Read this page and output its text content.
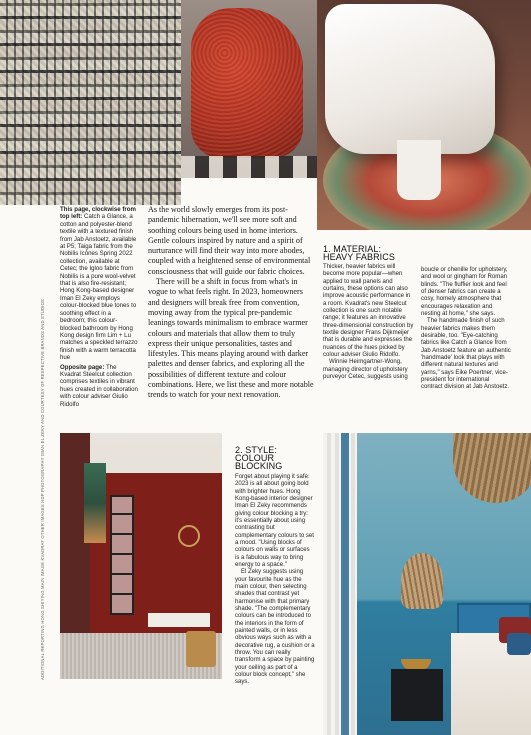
ADDITIONAL REPORTING HONG SHIYING MAIN IMAGE KVADRAT OTHER IMAGES HDP PHOTOGRAPHY IMAN EL ZEKY AND COURTESY OF RESPECTIVE BRANDS AND STUDIOS

This page, clockwise from top left: Catch a Glance, a cotton and polyester-blend textile with a textured finish from Jab Anstoetz, available at P5; Taiga fabric from the Nobilis Icônes Spring 2022 collection, available at Cetec; the Igloo fabric from Nobilis is a pure wool-velvet that is also fire-resistant; Hong Kong-based designer Iman El Zeky employs colour-blocked blue tones to soothing effect in a bedroom; this colour-blocked bathroom by Hong Kong design firm Lim + Lu matches a speckled terrazzo finish with a warm terracotta hue

Opposite page: The Kvadrat Steelcut collection comprises textiles in vibrant hues created in collaboration with colour adviser Giulio Ridolfo

As the world slowly emerges from its post-pandemic hibernation, we'll see more soft and soothing colours being used in home interiors. Gentle colours inspired by nature and a spirit of nurturance will find their way into more abodes, coupled with a heightened sense of environmental consciousness that will guide our fabric choices.

There will be a shift in focus from what's in vogue to what feels right. In 2023, homeowners and designers will break free from convention, moving away from the typical pre-pandemic leanings towards minimalism to embrace warmer colours and materials that allow them to truly express their unique personalities, tastes and lifestyles. This means playing around with darker palettes and denser fabrics, and exploring all the possibilities of different texture and colour combinations. Here, we list these and more notable trends to watch for your next renovation.

1. MATERIAL:
HEAVY FABRICS

Thicker, heavier fabrics will become more popular—when applied to wall panels and curtains, these options can also improve acoustic performance in a room. Kvadrat's new Steelcut collection is one such notable range; it features an innovative three-dimensional construction by textile designer Frans Dijkmeijer that is durable and expresses the nuances of the hues picked by colour adviser Giulio Ridolfo.

Winnie Heimgartner-Wong, managing director of upholstery purveyor Cetec, suggests using

boucle or chenille for upholstery, and wool or gingham for Roman blinds. "The fluffier look and feel of denser fabrics can create a cosy, homely atmosphere that encourages relaxation and nesting at home," she says.

The handmade finish of such heavier fabrics makes them desirable, too. "Eye-catching fabrics like Catch a Glance from Jab Anstoetz feature an authentic 'handmade' look that plays with different natural textures and yarns," says Eike Poertner, vice-president for international contract division at Jab Anstoetz.

2. STYLE:
COLOUR
BLOCKING

Forget about playing it safe: 2023 is all about going bold with brighter hues. Hong Kong-based interior designer Iman El Zeky recommends giving colour blocking a try: it's essentially about using contrasting but complementary colours to set a mood. "Using blocks of colours on walls or surfaces is a fabulous way to bring energy to a space."

El Zeky suggests using your favourite hue as the main colour, then selecting shades that contrast yet harmonise with that primary shade. "The complementary colours can be introduced to the interiors in the form of painted walls, or in less obvious ways such as with a decorative rug, a cushion or a throw. You can really transform a space by painting your ceiling as part of a colour block concept," she says.
